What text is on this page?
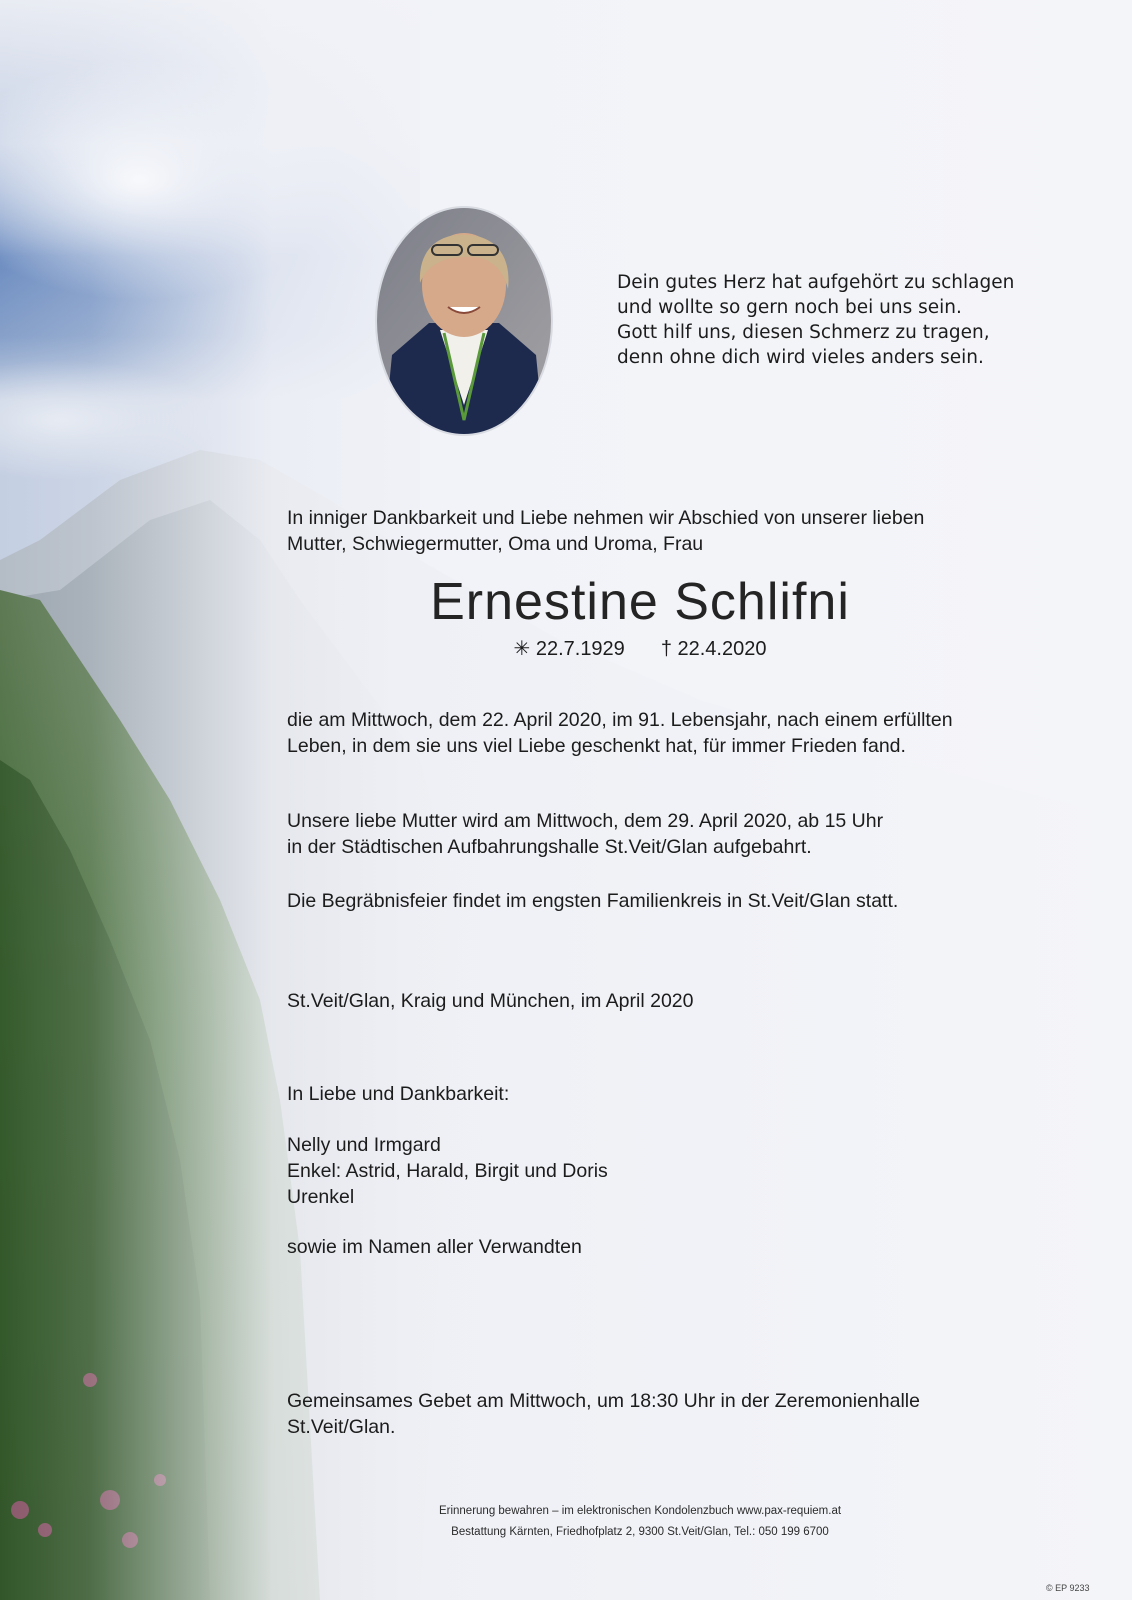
Dein gutes Herz hat aufgehört zu schlagen
und wollte so gern noch bei uns sein.
Gott hilf uns, diesen Schmerz zu tragen,
denn ohne dich wird vieles anders sein.
In inniger Dankbarkeit und Liebe nehmen wir Abschied von unserer lieben
Mutter, Schwiegermutter, Oma und Uroma, Frau
Ernestine Schlifni
✳ 22.7.1929 † 22.4.2020
die am Mittwoch, dem 22. April 2020, im 91. Lebensjahr, nach einem erfüllten
Leben, in dem sie uns viel Liebe geschenkt hat, für immer Frieden fand.
Unsere liebe Mutter wird am Mittwoch, dem 29. April 2020, ab 15 Uhr
in der Städtischen Aufbahrungshalle St.Veit/Glan aufgebahrt.
Die Begräbnisfeier findet im engsten Familienkreis in St.Veit/Glan statt.
St.Veit/Glan, Kraig und München, im April 2020
In Liebe und Dankbarkeit:
Nelly und Irmgard
Enkel: Astrid, Harald, Birgit und Doris
Urenkel
sowie im Namen aller Verwandten
Gemeinsames Gebet am Mittwoch, um 18:30 Uhr in der Zeremonienhalle
St.Veit/Glan.
Erinnerung bewahren – im elektronischen Kondolenzbuch www.pax-requiem.at
Bestattung Kärnten, Friedhofplatz 2, 9300 St.Veit/Glan, Tel.: 050 199 6700
© EP 9233
